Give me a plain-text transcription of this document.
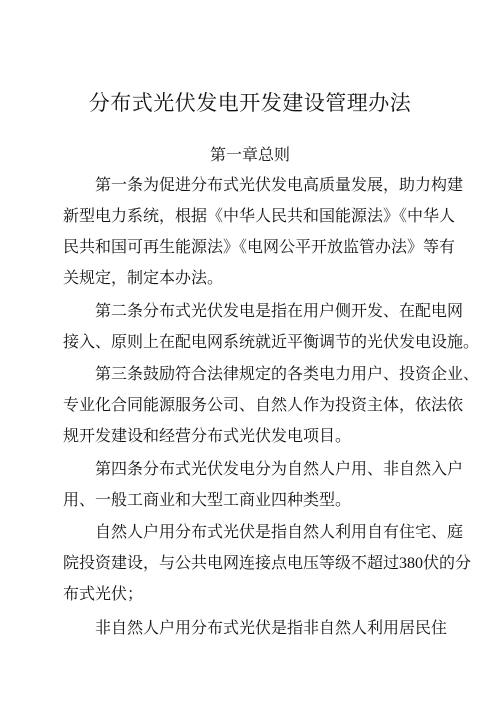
分布式光伏发电开发建设管理办法
第一章总则
第一条为促进分布式光伏发电高质量发展，助力构建
新型电力系统，根据《中华人民共和国能源法》《中华人
民共和国可再生能源法》《电网公平开放监管办法》等有
关规定，制定本办法。
第二条分布式光伏发电是指在用户侧开发、在配电网
接入、原则上在配电网系统就近平衡调节的光伏发电设施。
第三条鼓励符合法律规定的各类电力用户、投资企业、
专业化合同能源服务公司、自然人作为投资主体，依法依
规开发建设和经营分布式光伏发电项目。
第四条分布式光伏发电分为自然人户用、非自然入户
用、一般工商业和大型工商业四种类型。
自然人户用分布式光伏是指自然人利用自有住宅、庭
院投资建设，与公共电网连接点电压等级不超过380伏的分
布式光伏；
非自然人户用分布式光伏是指非自然人利用居民住
